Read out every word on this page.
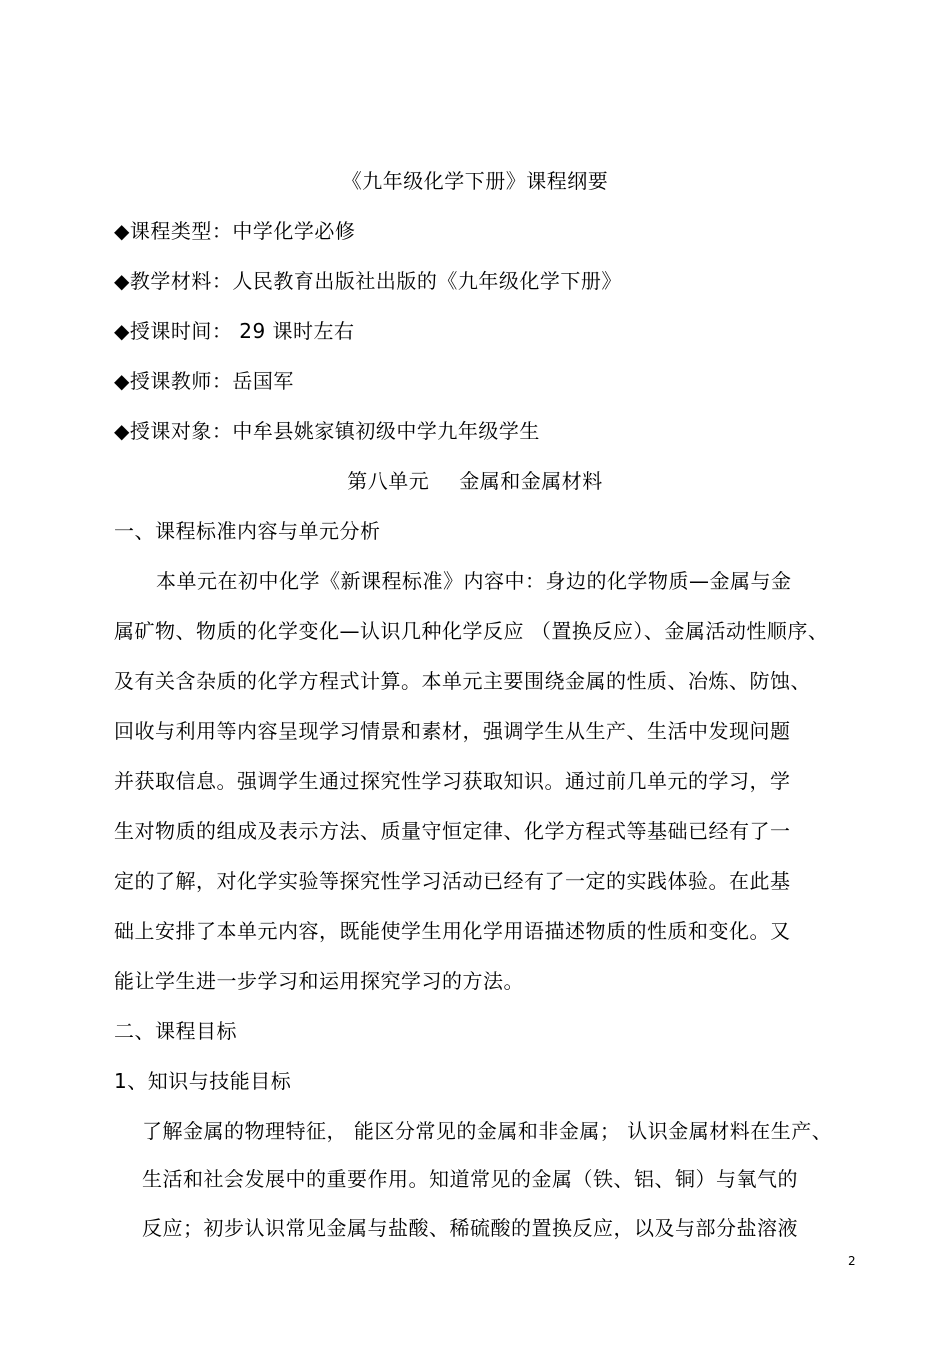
《九年级化学下册》课程纲要
◆课程类型：中学化学必修
◆教学材料：人民教育出版社出版的《九年级化学下册》
◆授课时间： 29 课时左右
◆授课教师：岳国军
◆授课对象：中牟县姚家镇初级中学九年级学生
第八单元 金属和金属材料
一、课程标准内容与单元分析
本单元在初中化学《新课程标准》内容中：身边的化学物质—金属与金
属矿物、物质的化学变化—认识几种化学反应 （置换反应）、金属活动性顺序、
及有关含杂质的化学方程式计算。本单元主要围绕金属的性质、冶炼、防蚀、
回收与利用等内容呈现学习情景和素材，强调学生从生产、生活中发现问题
并获取信息。强调学生通过探究性学习获取知识。通过前几单元的学习，学
生对物质的组成及表示方法、质量守恒定律、化学方程式等基础已经有了一
定的了解，对化学实验等探究性学习活动已经有了一定的实践体验。在此基
础上安排了本单元内容，既能使学生用化学用语描述物质的性质和变化。又
能让学生进一步学习和运用探究学习的方法。
二、课程目标
1、知识与技能目标
了解金属的物理特征， 能区分常见的金属和非金属； 认识金属材料在生产、
生活和社会发展中的重要作用。知道常见的金属（铁、铝、铜）与氧气的
反应；初步认识常见金属与盐酸、稀硫酸的置换反应，以及与部分盐溶液
2
